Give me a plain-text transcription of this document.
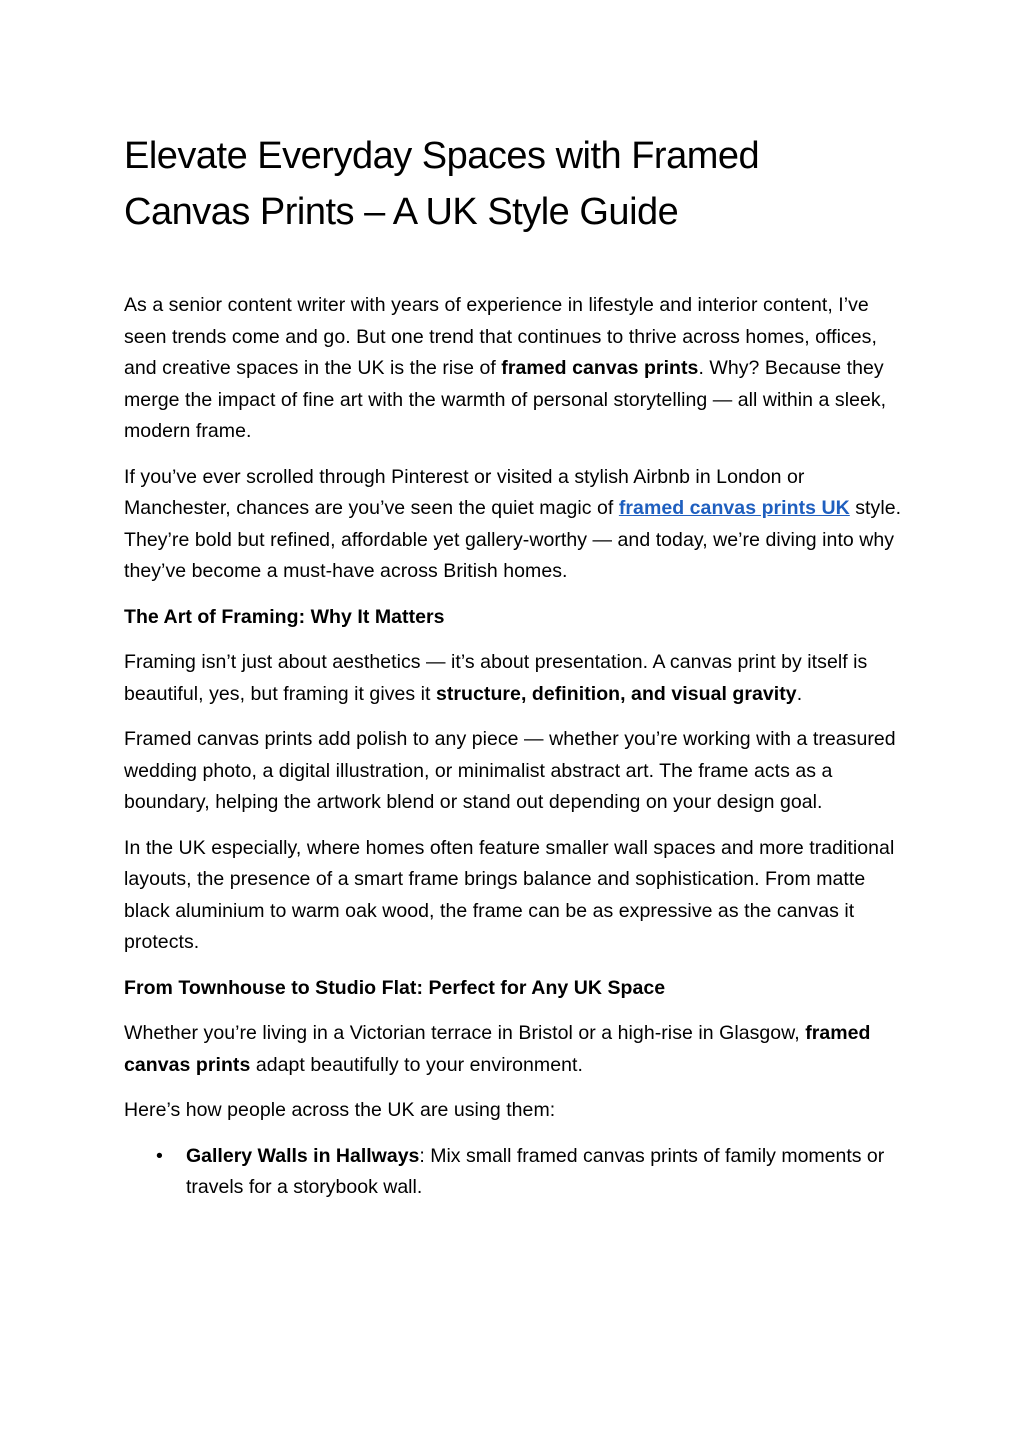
Elevate Everyday Spaces with Framed
Canvas Prints – A UK Style Guide

As a senior content writer with years of experience in lifestyle and interior content, I’ve seen trends come and go. But one trend that continues to thrive across homes, offices, and creative spaces in the UK is the rise of framed canvas prints. Why? Because they merge the impact of fine art with the warmth of personal storytelling — all within a sleek, modern frame.

If you’ve ever scrolled through Pinterest or visited a stylish Airbnb in London or Manchester, chances are you’ve seen the quiet magic of framed canvas prints UK style. They’re bold but refined, affordable yet gallery-worthy — and today, we’re diving into why they’ve become a must-have across British homes.

The Art of Framing: Why It Matters

Framing isn’t just about aesthetics — it’s about presentation. A canvas print by itself is beautiful, yes, but framing it gives it structure, definition, and visual gravity.

Framed canvas prints add polish to any piece — whether you’re working with a treasured wedding photo, a digital illustration, or minimalist abstract art. The frame acts as a boundary, helping the artwork blend or stand out depending on your design goal.

In the UK especially, where homes often feature smaller wall spaces and more traditional layouts, the presence of a smart frame brings balance and sophistication. From matte black aluminium to warm oak wood, the frame can be as expressive as the canvas it protects.

From Townhouse to Studio Flat: Perfect for Any UK Space

Whether you’re living in a Victorian terrace in Bristol or a high-rise in Glasgow, framed canvas prints adapt beautifully to your environment.

Here’s how people across the UK are using them:

• Gallery Walls in Hallways: Mix small framed canvas prints of family moments or travels for a storybook wall.
